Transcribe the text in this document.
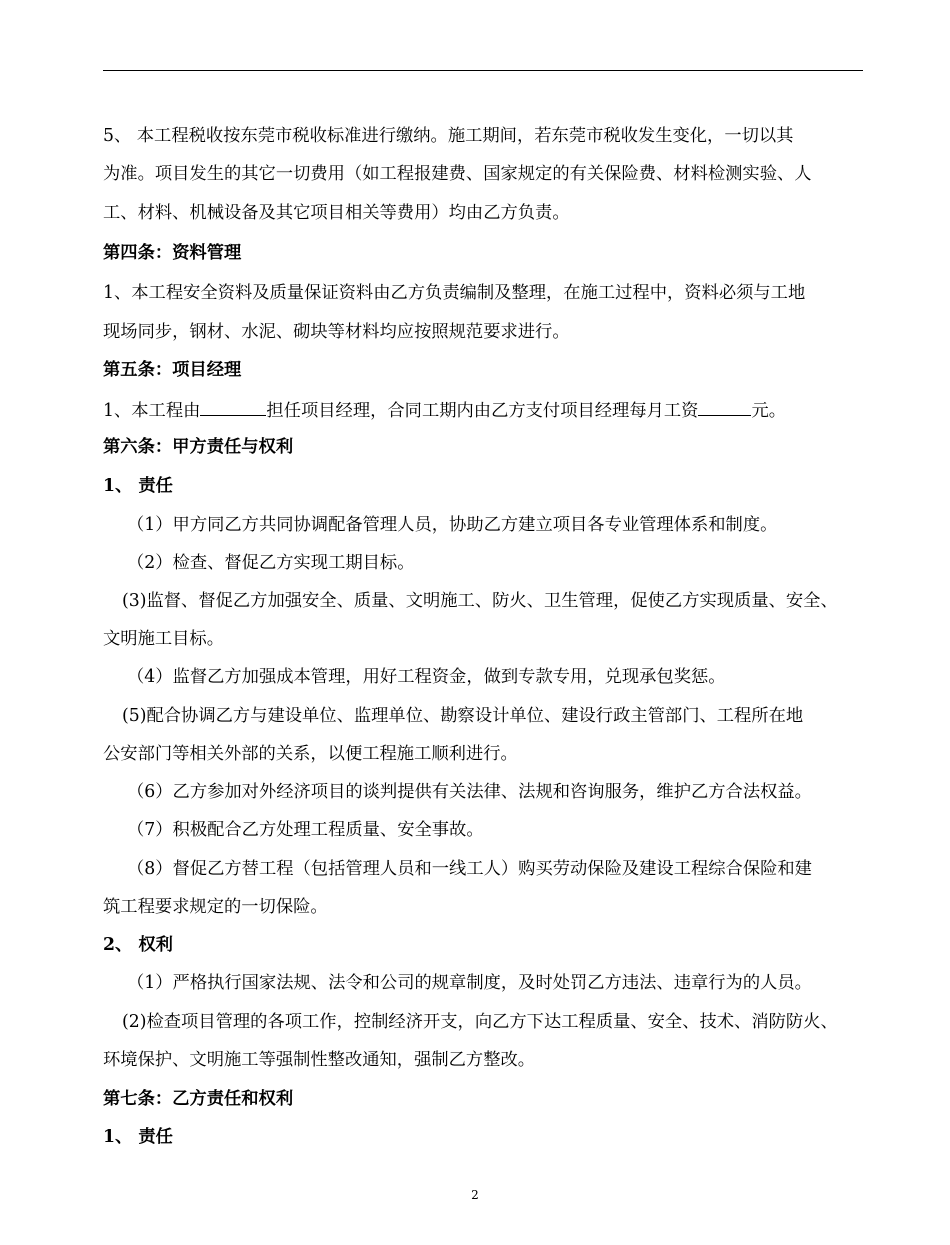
5、 本工程税收按东莞市税收标准进行缴纳。施工期间，若东莞市税收发生变化，一切以其
为准。项目发生的其它一切费用（如工程报建费、国家规定的有关保险费、材料检测实验、人
工、材料、机械设备及其它项目相关等费用）均由乙方负责。
第四条：资料管理
1、本工程安全资料及质量保证资料由乙方负责编制及整理，在施工过程中，资料必须与工地
现场同步，钢材、水泥、砌块等材料均应按照规范要求进行。
第五条：项目经理
1、本工程由	担任项目经理，合同工期内由乙方支付项目经理每月工资	元。
第六条：甲方责任与权利
1、 责任
（1）甲方同乙方共同协调配备管理人员，协助乙方建立项目各专业管理体系和制度。
（2）检查、督促乙方实现工期目标。
(3)监督、督促乙方加强安全、质量、文明施工、防火、卫生管理，促使乙方实现质量、安全、
文明施工目标。
（4）监督乙方加强成本管理，用好工程资金，做到专款专用，兑现承包奖惩。
(5)配合协调乙方与建设单位、监理单位、勘察设计单位、建设行政主管部门、工程所在地
公安部门等相关外部的关系，以便工程施工顺利进行。
（6）乙方参加对外经济项目的谈判提供有关法律、法规和咨询服务，维护乙方合法权益。
（7）积极配合乙方处理工程质量、安全事故。
（8）督促乙方替工程（包括管理人员和一线工人）购买劳动保险及建设工程综合保险和建
筑工程要求规定的一切保险。
2、 权利
（1）严格执行国家法规、法令和公司的规章制度，及时处罚乙方违法、违章行为的人员。
(2)检查项目管理的各项工作，控制经济开支，向乙方下达工程质量、安全、技术、消防防火、
环境保护、文明施工等强制性整改通知，强制乙方整改。
第七条：乙方责任和权利
1、 责任
2
